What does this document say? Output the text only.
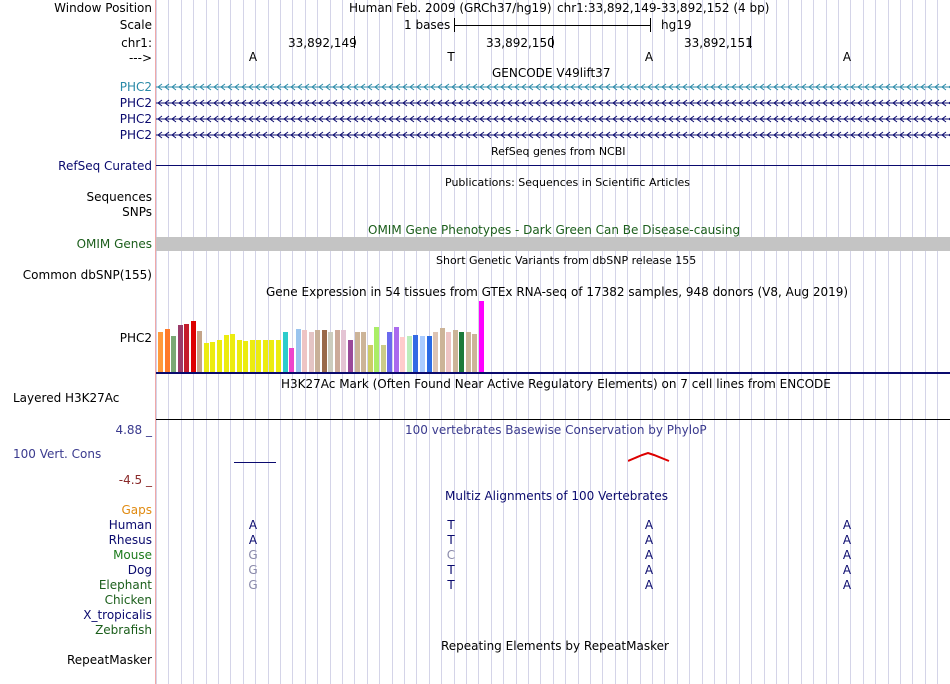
Window Position	Human Feb. 2009 (GRCh37/hg19) chr1:33,892,149-33,892,152 (4 bp)
Scale	1 bases	hg19
chr1:	33,892,149	33,892,150	33,892,151
--->	A	T	A	A
GENCODE V49lift37
PHC2
PHC2
PHC2
PHC2
RefSeq genes from NCBI
RefSeq Curated
Publications: Sequences in Scientific Articles
Sequences
SNPs
OMIM Gene Phenotypes - Dark Green Can Be Disease-causing
OMIM Genes
Short Genetic Variants from dbSNP release 155
Common dbSNP(155)
Gene Expression in 54 tissues from GTEx RNA-seq of 17382 samples, 948 donors (V8, Aug 2019)
PHC2
H3K27Ac Mark (Often Found Near Active Regulatory Elements) on 7 cell lines from ENCODE
Layered H3K27Ac
4.88 _	100 vertebrates Basewise Conservation by PhyloP
100 Vert. Cons
-4.5 _
Multiz Alignments of 100 Vertebrates
Gaps
Human	A	T	A	A
Rhesus	A	T	A	A
Mouse	G	C	A	A
Dog	G	T	A	A
Elephant	G	T	A	A
Chicken
X_tropicalis
Zebrafish
Repeating Elements by RepeatMasker
RepeatMasker
